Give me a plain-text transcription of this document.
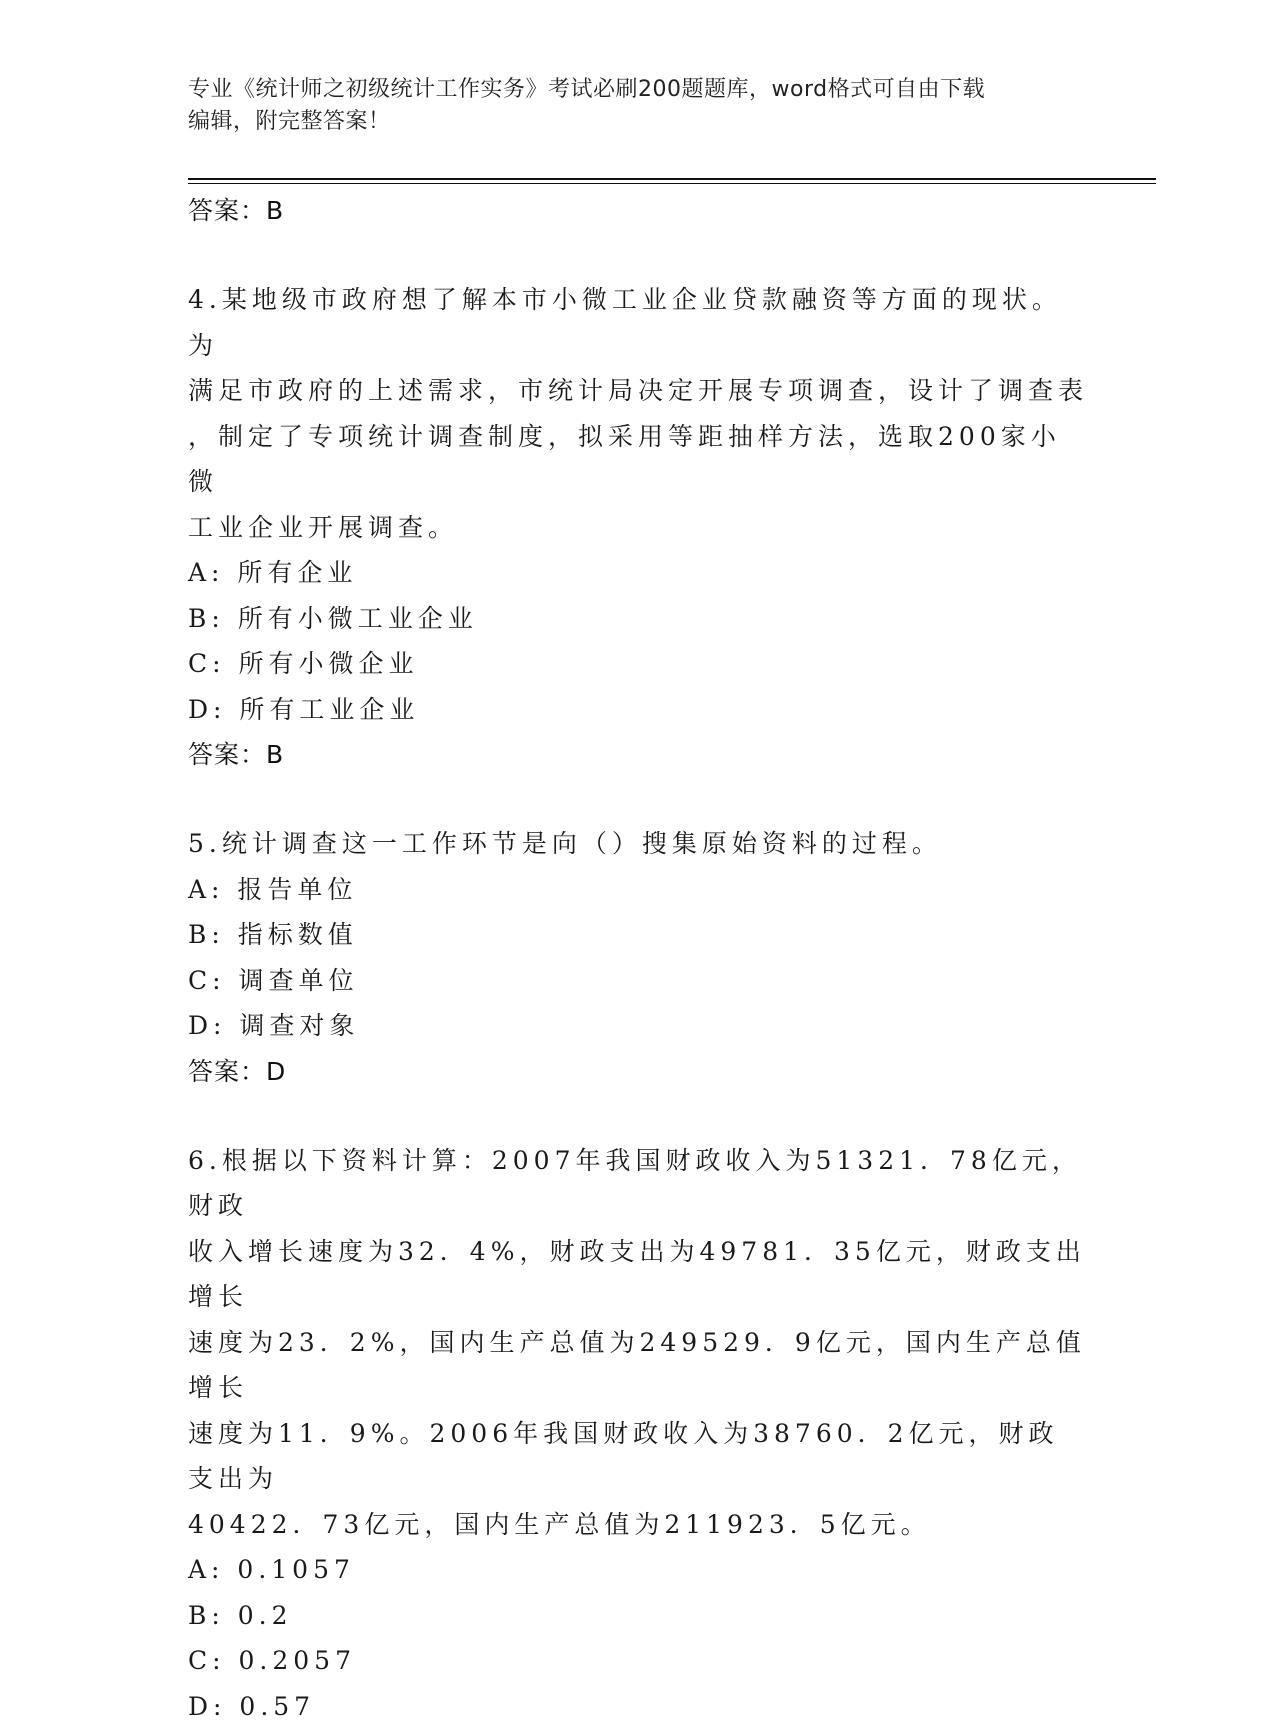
专业《统计师之初级统计工作实务》考试必刷200题题库，word格式可自由下载
编辑，附完整答案！
答案：B
4.某地级市政府想了解本市小微工业企业贷款融资等方面的现状。为
满足市政府的上述需求，市统计局决定开展专项调查，设计了调查表
，制定了专项统计调查制度，拟采用等距抽样方法，选取200家小微
工业企业开展调查。
A: 所有企业
B: 所有小微工业企业
C: 所有小微企业
D: 所有工业企业
答案：B
5.统计调查这一工作环节是向（）搜集原始资料的过程。
A: 报告单位
B: 指标数值
C: 调查单位
D: 调查对象
答案：D
6.根据以下资料计算：2007年我国财政收入为51321．78亿元，财政
收入增长速度为32．4%，财政支出为49781．35亿元，财政支出增长
速度为23．2%，国内生产总值为249529．9亿元，国内生产总值增长
速度为11．9%。2006年我国财政收入为38760．2亿元，财政支出为
40422．73亿元，国内生产总值为211923．5亿元。
A: 0.1057
B: 0.2
C: 0.2057
D: 0.57
